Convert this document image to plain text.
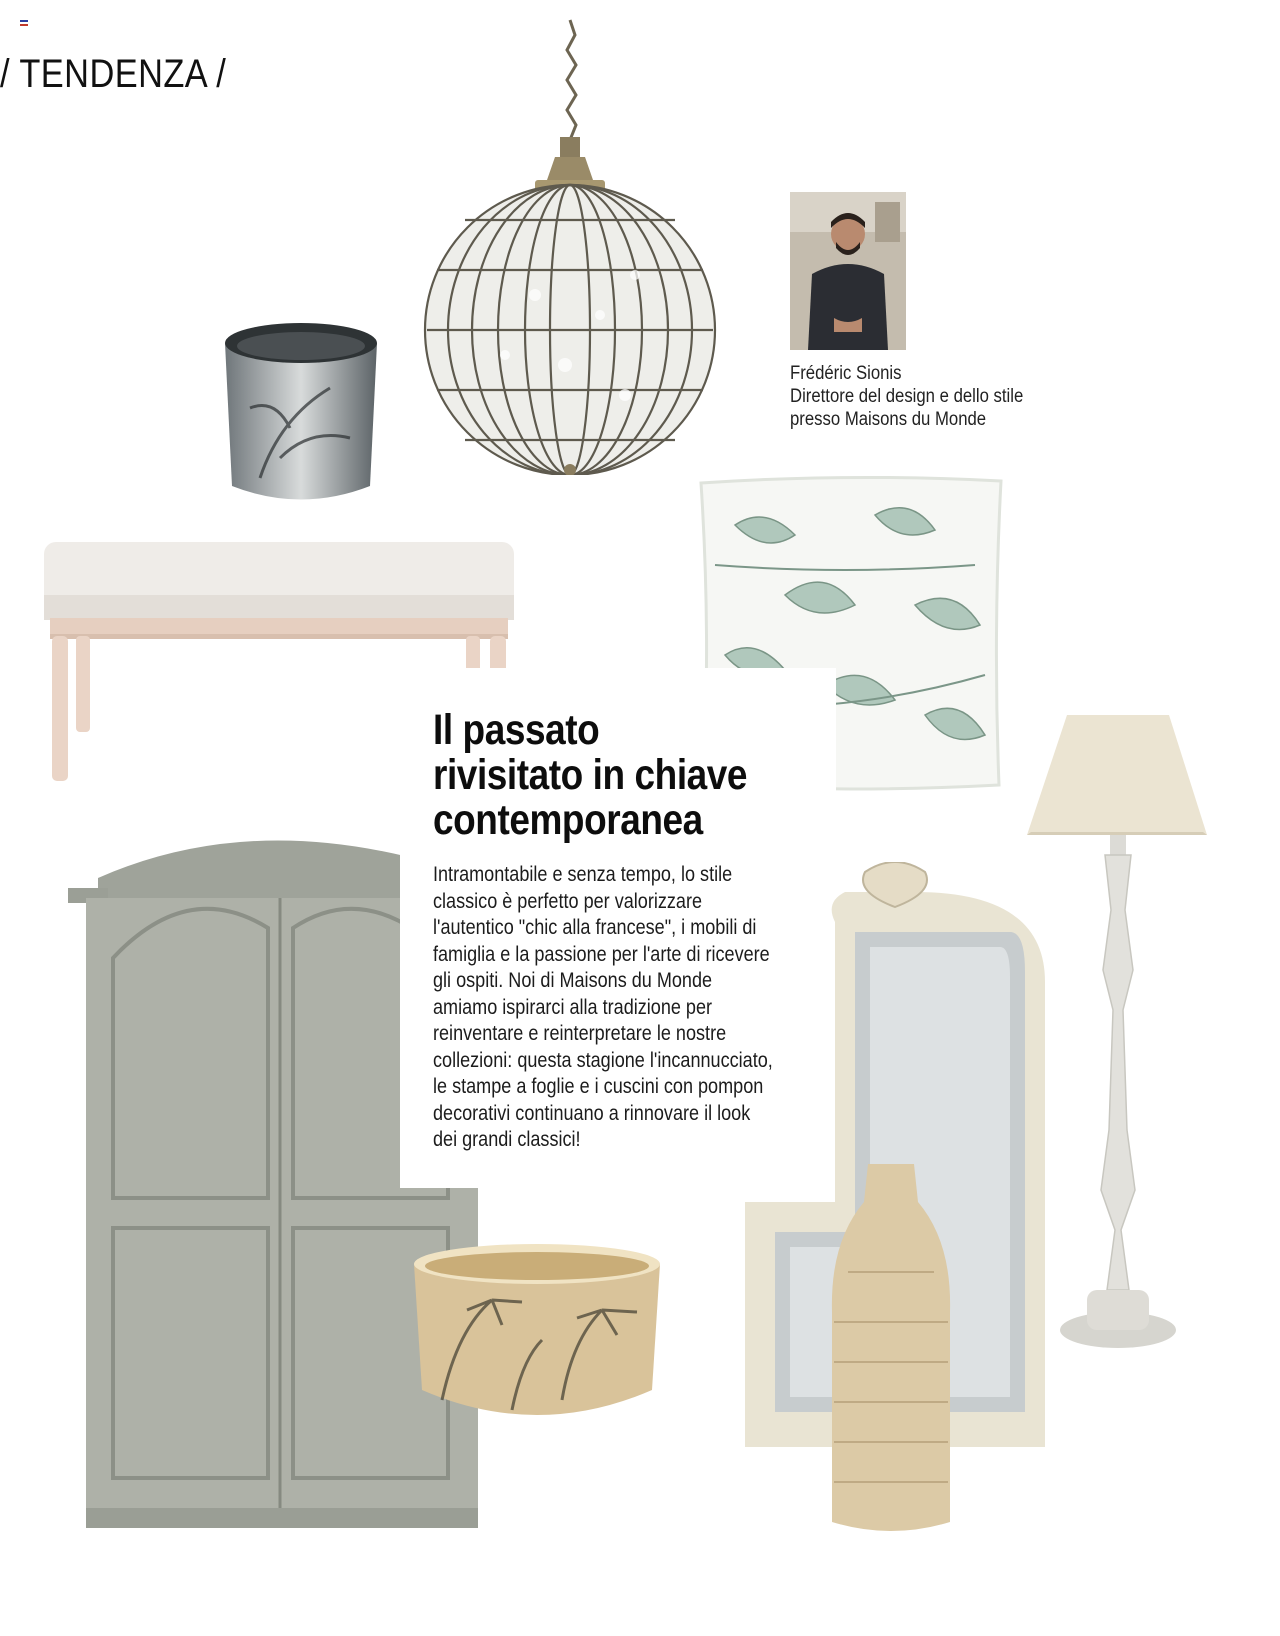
/ TENDENZA /
Frédéric Sionis
Direttore del design e dello stile
presso Maisons du Monde
Il passato
rivisitato in chiave
contemporanea
Intramontabile e senza tempo, lo stile
classico è perfetto per valorizzare
l'autentico "chic alla francese", i mobili di
famiglia e la passione per l'arte di ricevere
gli ospiti. Noi di Maisons du Monde
amiamo ispirarci alla tradizione per
reinventare e reinterpretare le nostre
collezioni: questa stagione l'incannucciato,
le stampe a foglie e i cuscini con pompon
decorativi continuano a rinnovare il look
dei grandi classici!
